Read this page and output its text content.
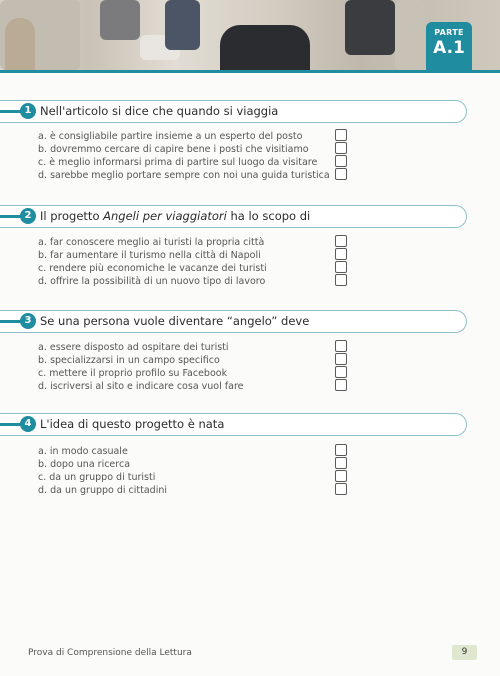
PARTE
A.1
1 Nell'articolo si dice che quando si viaggia
a. è consigliabile partire insieme a un esperto del posto
b. dovremmo cercare di capire bene i posti che visitiamo
c. è meglio informarsi prima di partire sul luogo da visitare
d. sarebbe meglio portare sempre con noi una guida turistica
2 Il progetto Angeli per viaggiatori ha lo scopo di
a. far conoscere meglio ai turisti la propria città
b. far aumentare il turismo nella città di Napoli
c. rendere più economiche le vacanze dei turisti
d. offrire la possibilità di un nuovo tipo di lavoro
3 Se una persona vuole diventare “angelo” deve
a. essere disposto ad ospitare dei turisti
b. specializzarsi in un campo specifico
c. mettere il proprio profilo su Facebook
d. iscriversi al sito e indicare cosa vuol fare
4 L'idea di questo progetto è nata
a. in modo casuale
b. dopo una ricerca
c. da un gruppo di turisti
d. da un gruppo di cittadini
Prova di Comprensione della Lettura	9
